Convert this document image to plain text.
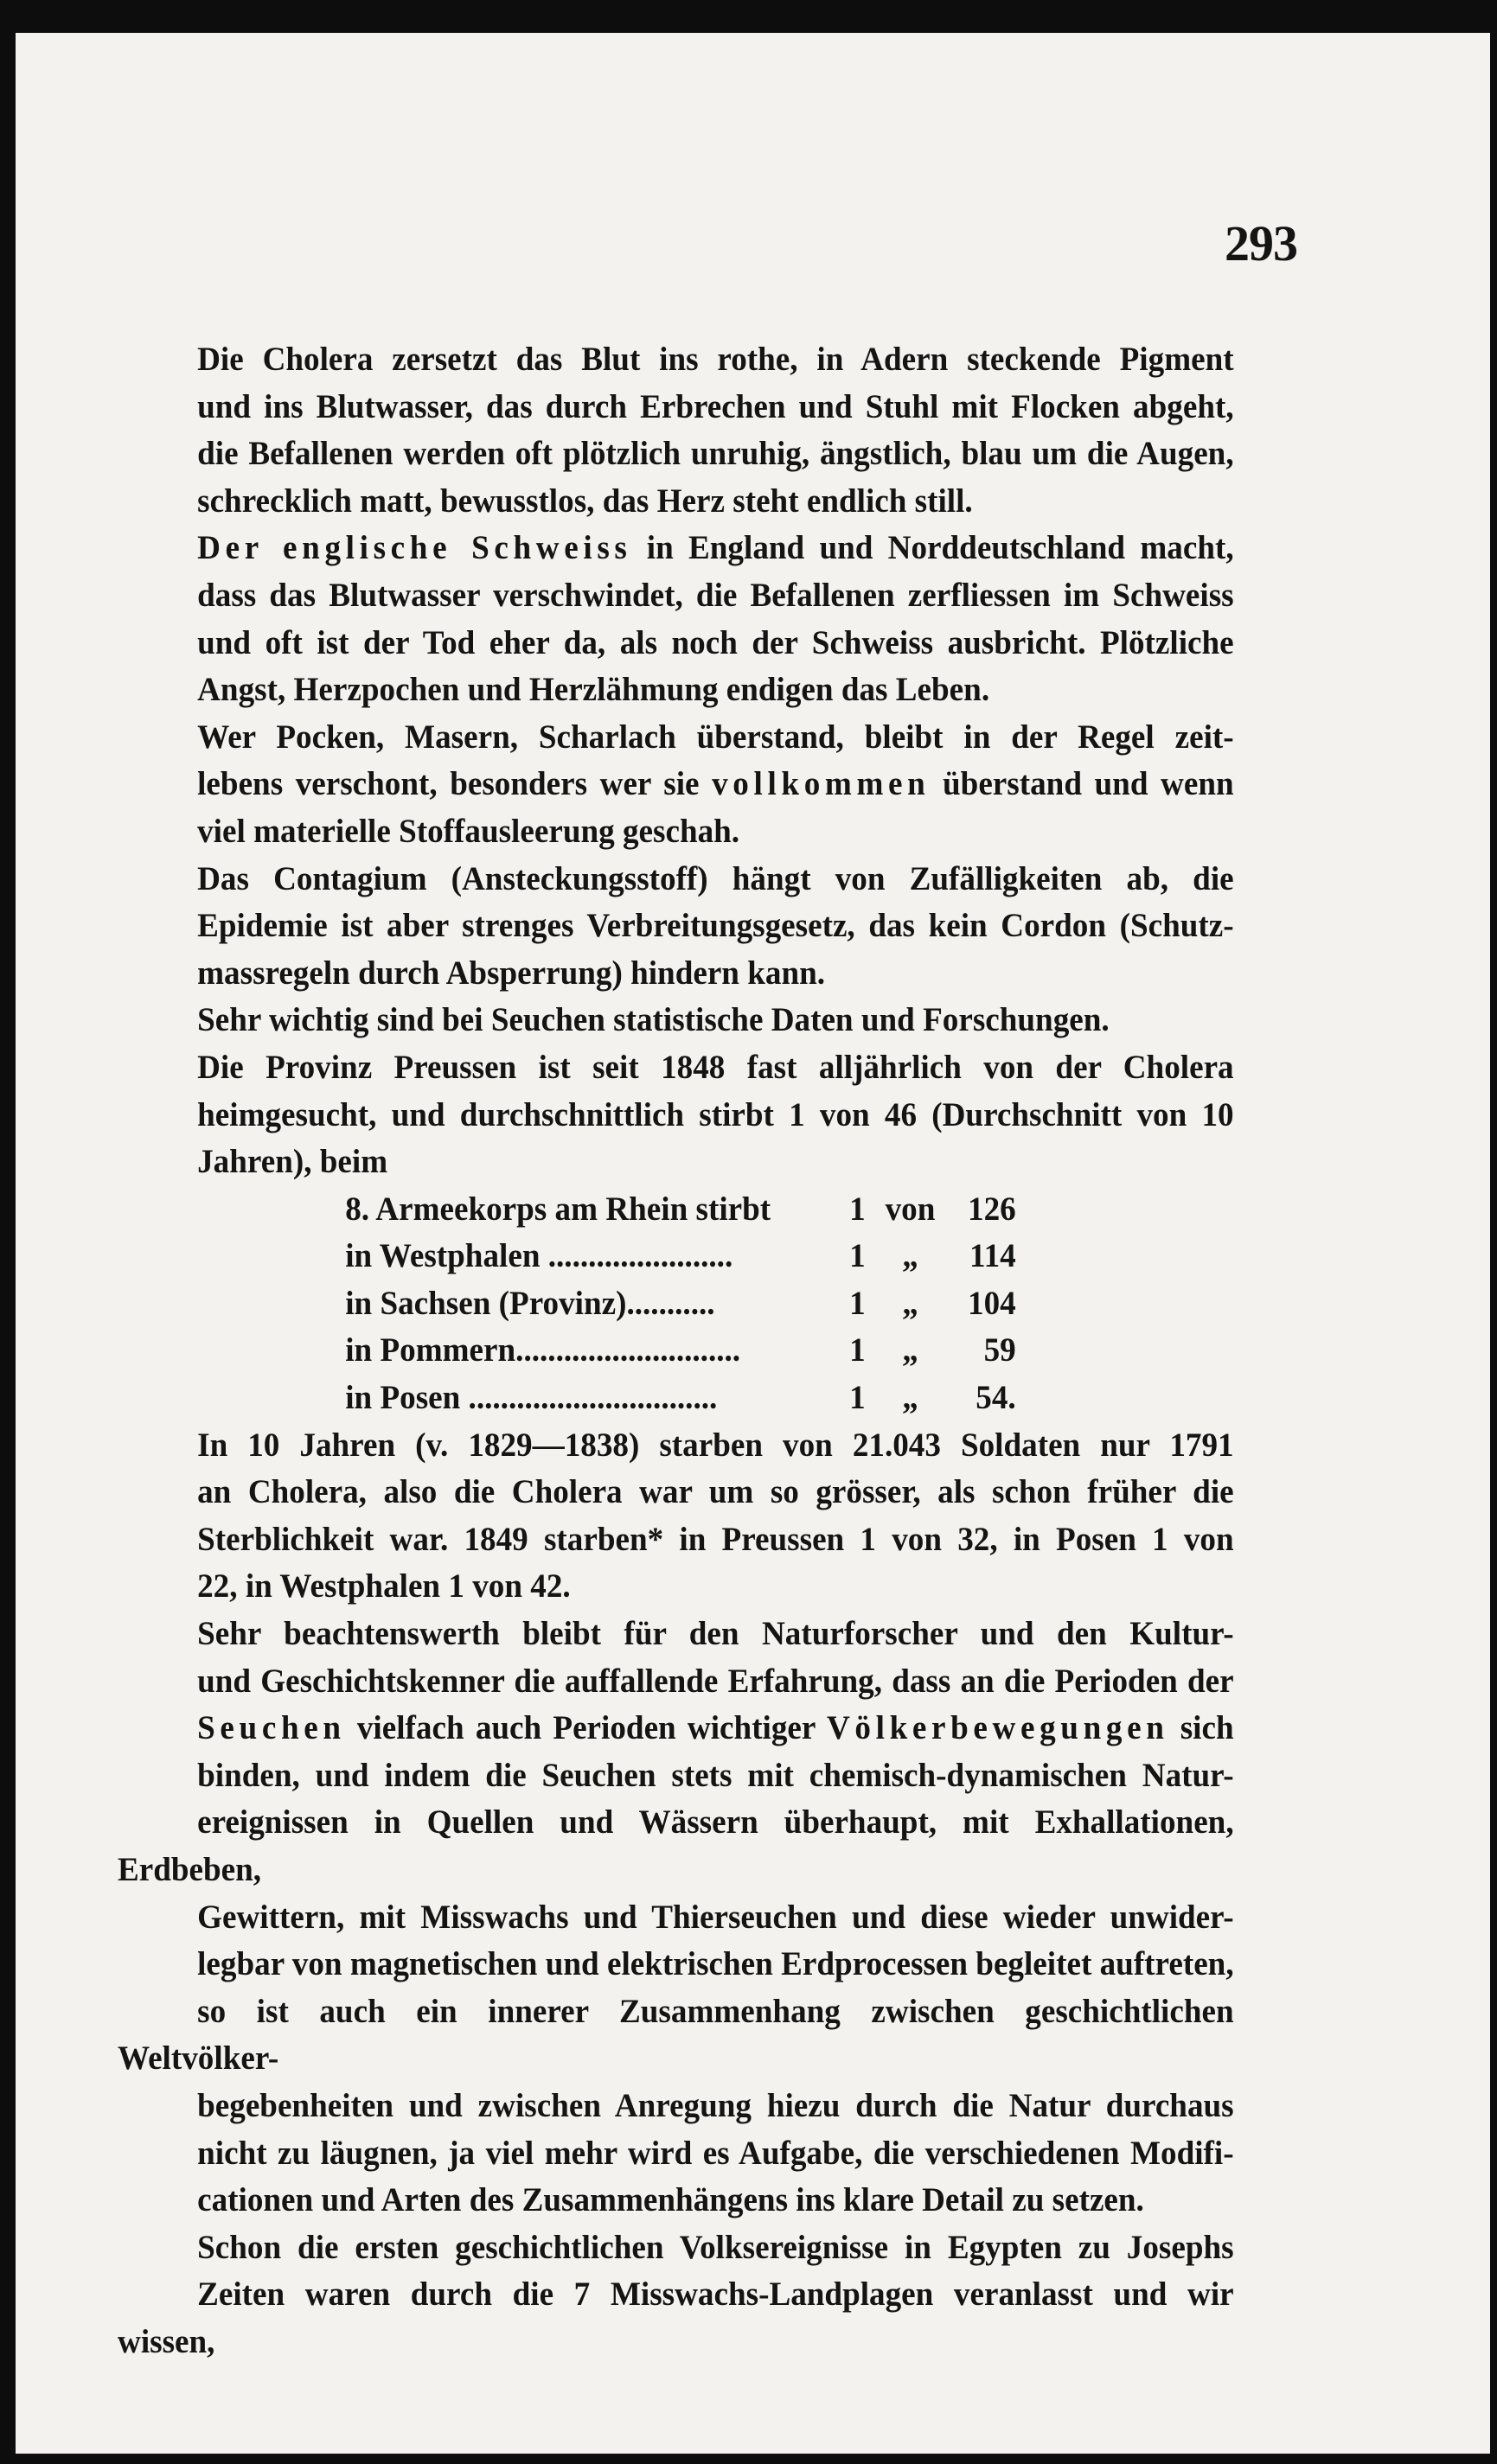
293

Die Cholera zersetzt das Blut ins rothe, in Adern steckende Pigment
und ins Blutwasser, das durch Erbrechen und Stuhl mit Flocken abgeht,
die Befallenen werden oft plötzlich unruhig, ängstlich, blau um die Augen,
schrecklich matt, bewusstlos, das Herz steht endlich still.

Der englische Schweiss in England und Norddeutschland macht,
dass das Blutwasser verschwindet, die Befallenen zerfliessen im Schweiss
und oft ist der Tod eher da, als noch der Schweiss ausbricht. Plötzliche
Angst, Herzpochen und Herzlähmung endigen das Leben.

Wer Pocken, Masern, Scharlach überstand, bleibt in der Regel zeit-
lebens verschont, besonders wer sie vollkommen überstand und wenn
viel materielle Stoffausleerung geschah.

Das Contagium (Ansteckungsstoff) hängt von Zufälligkeiten ab, die
Epidemie ist aber strenges Verbreitungsgesetz, das kein Cordon (Schutz-
massregeln durch Absperrung) hindern kann.

Sehr wichtig sind bei Seuchen statistische Daten und Forschungen.

Die Provinz Preussen ist seit 1848 fast alljährlich von der Cholera
heimgesucht, und durchschnittlich stirbt 1 von 46 (Durchschnitt von 10
Jahren), beim

8. Armeekorps am Rhein stirbt	1 von 126
in Westphalen .......................	1	„	114
in Sachsen (Provinz)...........	1	„	104
in Pommern............................	1	„	59
in Posen ...............................	1	„	54.

In 10 Jahren (v. 1829—1838) starben von 21.043 Soldaten nur 1791
an Cholera, also die Cholera war um so grösser, als schon früher die
Sterblichkeit war. 1849 starben* in Preussen 1 von 32, in Posen 1 von
22, in Westphalen 1 von 42.

Sehr beachtenswerth bleibt für den Naturforscher und den Kultur-
und Geschichtskenner die auffallende Erfahrung, dass an die Perioden der
Seuchen vielfach auch Perioden wichtiger Völkerbewegungen sich
binden, und indem die Seuchen stets mit chemisch-dynamischen Natur-
ereignissen in Quellen und Wässern überhaupt, mit Exhallationen, Erdbeben,
Gewittern, mit Misswachs und Thierseuchen und diese wieder unwider-
legbar von magnetischen und elektrischen Erdprocessen begleitet auftreten,
so ist auch ein innerer Zusammenhang zwischen geschichtlichen Weltvölker-
begebenheiten und zwischen Anregung hiezu durch die Natur durchaus
nicht zu läugnen, ja viel mehr wird es Aufgabe, die verschiedenen Modifi-
cationen und Arten des Zusammenhängens ins klare Detail zu setzen.

Schon die ersten geschichtlichen Volksereignisse in Egypten zu Josephs
Zeiten waren durch die 7 Misswachs-Landplagen veranlasst und wir wissen,
